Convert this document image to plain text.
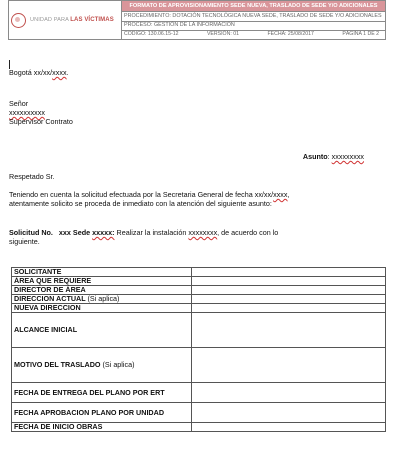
UNIDAD PARA LAS VÍCTIMAS
	FORMATO DE APROVISIONAMIENTO SEDE NUEVA, TRASLADO DE SEDE Y/O ADICIONALES
PROCEDIMIENTO: DOTACIÓN TECNOLÓGICA NUEVA SEDE, TRASLADO DE SEDE Y/O ADICIONALES
PROCESO: GESTIÓN DE LA INFORMACIÓN

CODIGO: 130.06.15-12	VERSIÓN: 01	FECHA: 25/08/2017	PÁGINA 1 DE 2

Bogotá xx/xx/xxxx.

Señor

xxxxxxxxxx

Supervisor Contrato

Asunto: xxxxxxxxx

Respetado Sr.

Teniendo en cuenta la solicitud efectuada por la Secretaria General de fecha xx/xx/xxxx,

atentamente solicito se proceda de inmediato con la atención del siguiente asunto:

Solicitud No. xxx Sede xxxxx: Realizar la instalación xxxxxxxx, de acuerdo con lo

siguiente.

SOLICITANTE	
ÁREA QUE REQUIERE	
DIRECTOR DE ÁREA	
DIRECCION ACTUAL (Si aplica)	
NUEVA DIRECCION	
ALCANCE INICIAL	
MOTIVO DEL TRASLADO (Si aplica)	
FECHA DE ENTREGA DEL PLANO POR ERT	
FECHA APROBACION PLANO POR UNIDAD	
FECHA DE INICIO OBRAS	
